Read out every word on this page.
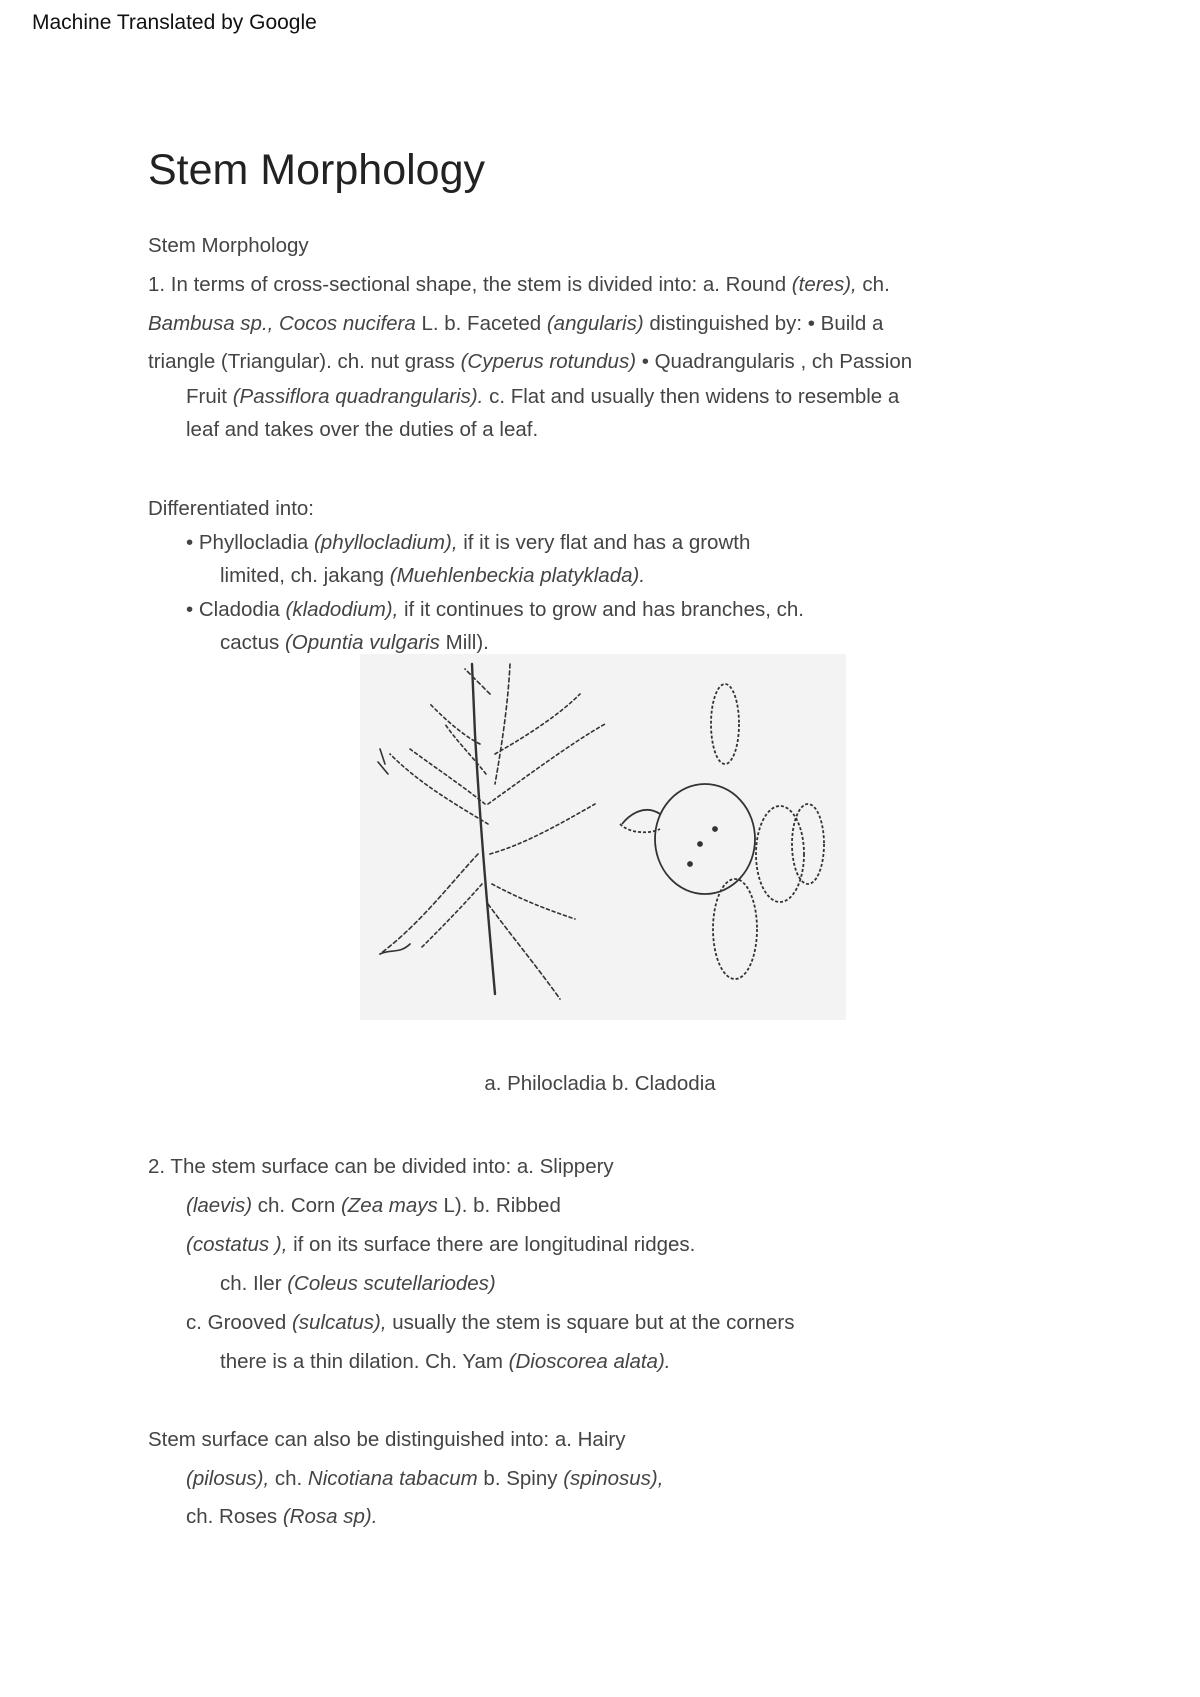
Machine Translated by Google
Stem Morphology
Stem Morphology
1. In terms of cross-sectional shape, the stem is divided into: a. Round (teres), ch.
Bambusa sp., Cocos nucifera L. b. Faceted (angularis) distinguished by: • Build a
triangle (Triangular). ch. nut grass (Cyperus rotundus) • Quadrangularis , ch Passion
Fruit (Passiflora quadrangularis). c. Flat and usually then widens to resemble a
leaf and takes over the duties of a leaf.
Differentiated into:
• Phyllocladia (phyllocladium), if it is very flat and has a growth
limited, ch. jakang (Muehlenbeckia platyklada).
• Cladodia (kladodium), if it continues to grow and has branches, ch.
cactus (Opuntia vulgaris Mill).
a. Philocladia b. Cladodia
2. The stem surface can be divided into: a. Slippery
(laevis) ch. Corn (Zea mays L). b. Ribbed
(costatus ), if on its surface there are longitudinal ridges.
ch. Iler (Coleus scutellariodes)
c. Grooved (sulcatus), usually the stem is square but at the corners
there is a thin dilation. Ch. Yam (Dioscorea alata).
Stem surface can also be distinguished into: a. Hairy
(pilosus), ch. Nicotiana tabacum b. Spiny (spinosus),
ch. Roses (Rosa sp).
